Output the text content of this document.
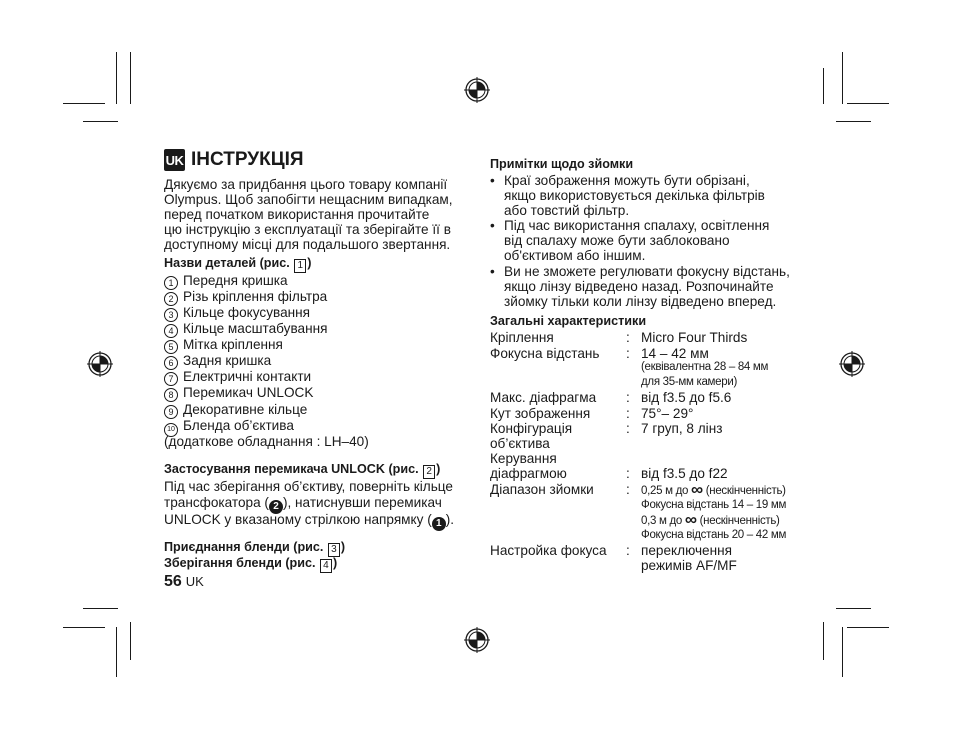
UK ІНСТРУКЦІЯ

Дякуємо за придбання цього товару компанії

Olympus. Щоб запобігти нещасним випадкам,

перед початком використання прочитайте

цю інструкцію з експлуатації та зберігайте її в

доступному місці для подальшого звертання.

Назви деталей (рис. 1 )

1 Передня кришка

2 Різь кріплення фільтра

3 Кільце фокусування

4 Кільце масштабування

5 Мітка кріплення

6 Задня кришка

7 Електричні контакти

8 Перемикач UNLOCK

9 Декоративне кільце

10 Бленда об’єктива

(додаткове обладнання : LH–40)

Застосування перемикача UNLOCK (рис. 2 )

Під час зберігання об’єктиву, поверніть кільце

трансфокатора ( 2 ), натиснувши перемикач

UNLOCK у вказаному стрілкою напрямку ( 1 ).

Приєднання бленди (рис. 3 )

Зберігання бленди (рис. 4 )

56 UK

Примітки щодо зйомки

• Краї зображення можуть бути обрізані,

якщо використовується декілька фільтрів

або товстий фільтр.

• Під час використання спалаху, освітлення

від спалаху може бути заблоковано

об'єктивом або іншим.

• Ви не зможете регулювати фокусну відстань,

якщо лінзу відведено назад. Розпочинайте

зйомку тільки коли лінзу відведено вперед.

Загальні характеристики

Кріплення	: Micro Four Thirds

Фокусна відстань : 14 – 42 мм

(еквівалентна 28 – 84 мм

для 35-мм камери)

Макс. діафрагма : від f3.5 до f5.6

Кут зображення	: 75°– 29°

Конфігурація	: 7 груп, 8 лінз

об’єктива

Керування

діафрагмою	: від f3.5 до f22

Діапазон зйомки : 0,25 м до ∞ (нескінченність)

Фокусна відстань 14 – 19 мм

0,3 м до ∞ (нескінченність)

Фокусна відстань 20 – 42 мм

Настройка фокуса : переключення

режимів AF/MF
